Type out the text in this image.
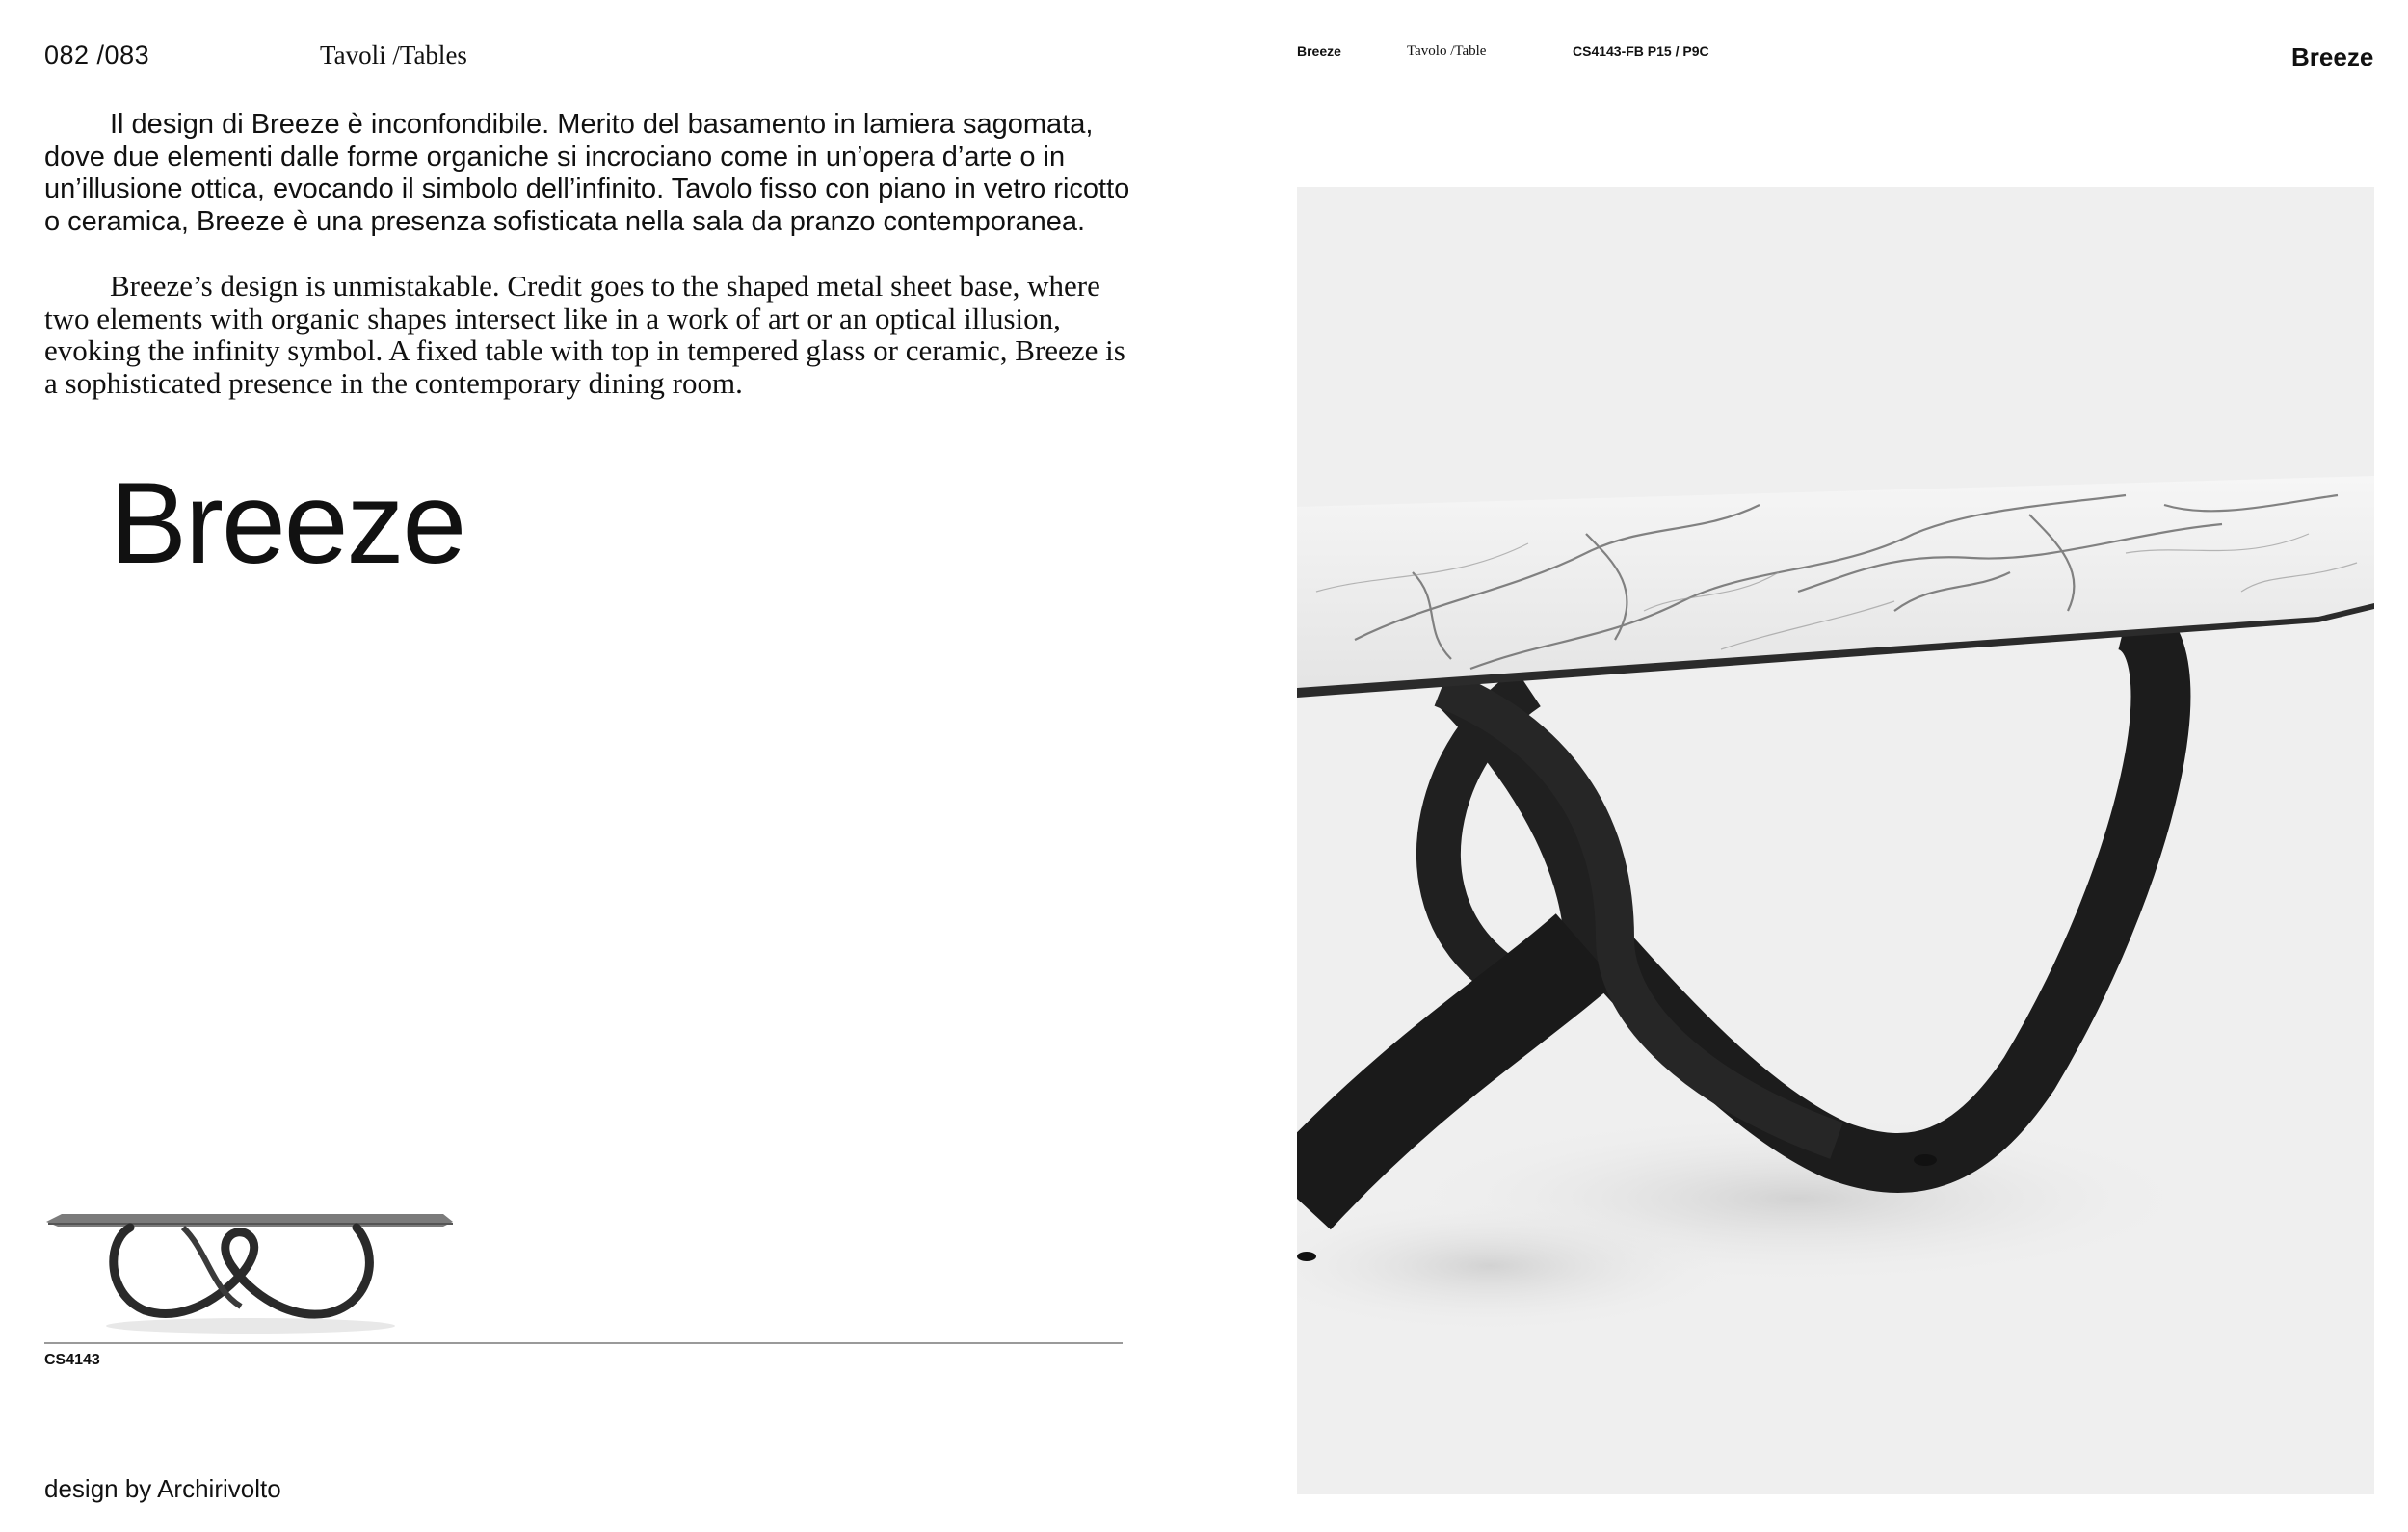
082 /083	Tavoli /Tables

Il design di Breeze è inconfondibile. Merito del basamento in lamiera sagomata, dove due elementi dalle forme organiche si incrociano come in un’opera d’arte o in un’illusione ottica, evocando il simbolo dell’infinito. Tavolo fisso con piano in vetro ricotto o ceramica, Breeze è una presenza sofisticata nella sala da pranzo contemporanea.

Breeze’s design is unmistakable. Credit goes to the shaped metal sheet base, where two elements with organic shapes intersect like in a work of art or an optical illusion, evoking the infinity symbol. A fixed table with top in tempered glass or ceramic, Breeze is a sophisticated presence in the contemporary dining room.

Breeze
CS4143
design by Archirivolto
Breeze	Tavolo /Table	CS4143-FB P15 / P9C	Breeze
